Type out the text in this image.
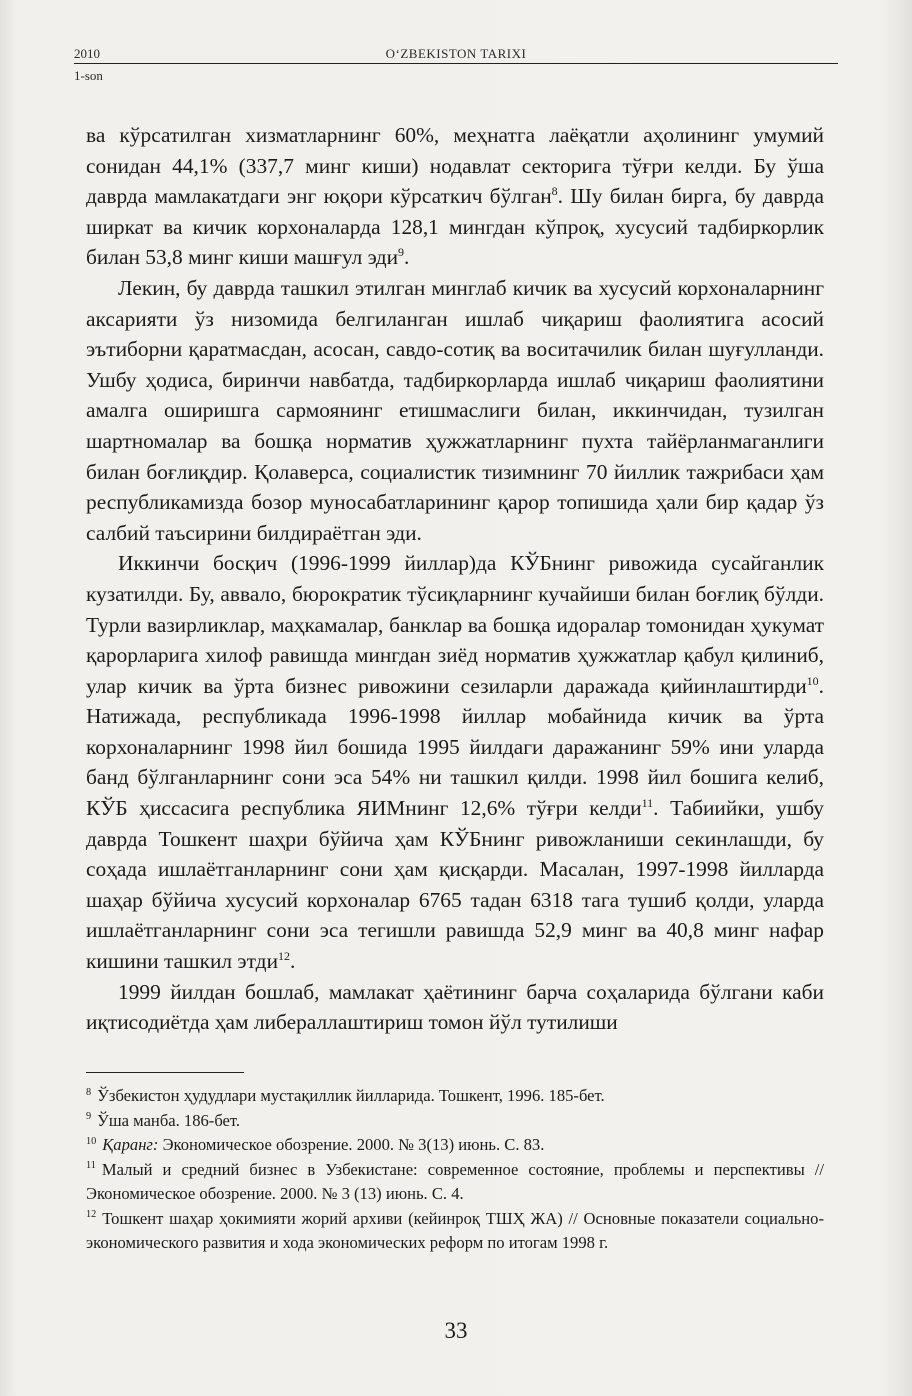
2010	O‘ZBEKISTON TARIXI
1-son

ва кўрсатилган хизматларнинг 60%, меҳнатга лаёқатли аҳолининг умумий сонидан 44,1% (337,7 минг киши) нодавлат секторига тўғри келди. Бу ўша даврда мамлакатдаги энг юқори кўрсаткич бўлган$^8$. Шу билан бирга, бу даврда ширкат ва кичик корхоналарда 128,1 мингдан кўпроқ, хусусий тадбиркорлик билан 53,8 минг киши машғул эди$^9$.

Лекин, бу даврда ташкил этилган минглаб кичик ва хусусий корхоналарнинг аксарияти ўз низомида белгиланган ишлаб чиқариш фаолиятига асосий эътиборни қаратмасдан, асосан, савдо-сотиқ ва воситачилик билан шуғулланди. Ушбу ҳодиса, биринчи навбатда, тадбиркорларда ишлаб чиқариш фаолиятини амалга оширишга сармоянинг етишмаслиги билан, иккинчидан, тузилган шартномалар ва бошқа норматив ҳужжатларнинг пухта тайёрланмаганлиги билан боғлиқдир. Қолаверса, социалистик тизимнинг 70 йиллик тажрибаси ҳам республикамизда бозор муносабатларининг қарор топишида ҳали бир қадар ўз салбий таъсирини билдираётган эди.

Иккинчи босқич (1996-1999 йиллар)да КЎБнинг ривожида сусайганлик кузатилди. Бу, аввало, бюрократик тўсиқларнинг кучайиши билан боғлиқ бўлди. Турли вазирликлар, маҳкамалар, банклар ва бошқа идоралар томонидан ҳукумат қарорларига хилоф равишда мингдан зиёд норматив ҳужжатлар қабул қилиниб, улар кичик ва ўрта бизнес ривожини сезиларли даражада қийинлаштирди$^{10}$. Натижада, республикада 1996-1998 йиллар мобайнида кичик ва ўрта корхоналарнинг 1998 йил бошида 1995 йилдаги даражанинг 59% ини уларда банд бўлганларнинг сони эса 54% ни ташкил қилди. 1998 йил бошига келиб, КЎБ ҳиссасига республика ЯИМнинг 12,6% тўғри келди$^{11}$. Табиийки, ушбу даврда Тошкент шаҳри бўйича ҳам КЎБнинг ривожланиши секинлашди, бу соҳада ишлаётганларнинг сони ҳам қисқарди. Масалан, 1997-1998 йилларда шаҳар бўйича хусусий корхоналар 6765 тадан 6318 тага тушиб қолди, уларда ишлаётганларнинг сони эса тегишли равишда 52,9 минг ва 40,8 минг нафар кишини ташкил этди$^{12}$.

1999 йилдан бошлаб, мамлакат ҳаётининг барча соҳаларида бўлгани каби иқтисодиётда ҳам либераллаштириш томон йўл тутилиши

$^8$ Ўзбекистон ҳудудлари мустақиллик йилларида. Тошкент, 1996. 185-бет.

$^9$ Ўша манба. 186-бет.

$^{10}$ Қаранг: Экономическое обозрение. 2000. № 3(13) июнь. С. 83.

$^{11}$ Малый и средний бизнес в Узбекистане: современное состояние, проблемы и перспективы // Экономическое обозрение. 2000. № 3 (13) июнь. С. 4.

$^{12}$ Тошкент шаҳар ҳокимияти жорий архиви (кейинроқ ТШҲ ЖА) // Основные показатели социально-экономического развития и хода экономических реформ по итогам 1998 г.

33
